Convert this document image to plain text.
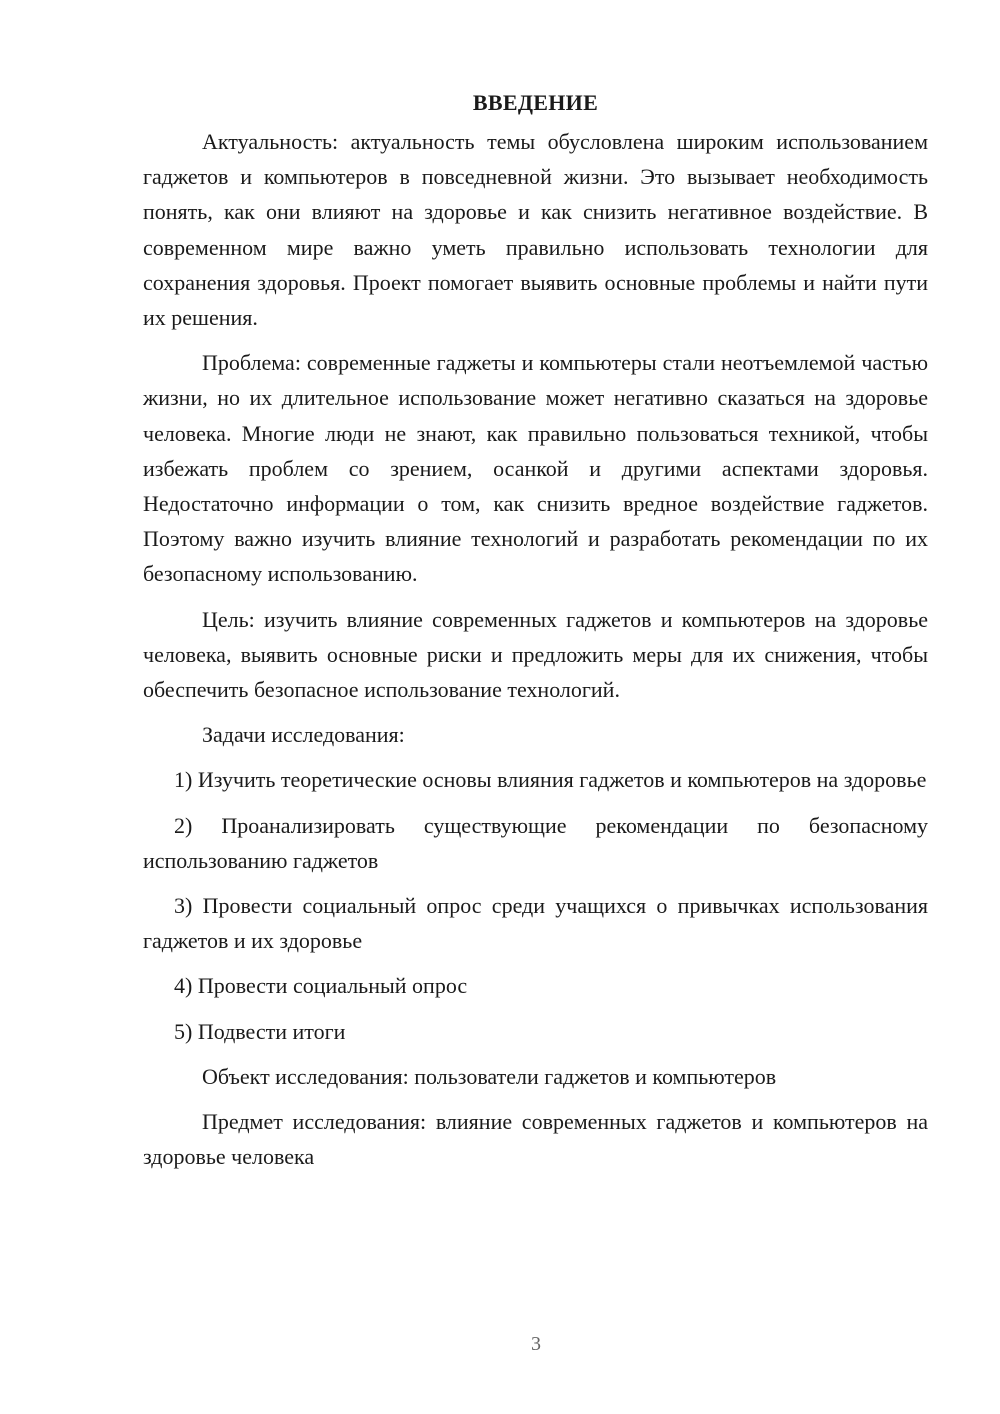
ВВЕДЕНИЕ

Актуальность: актуальность темы обусловлена широким использованием гаджетов и компьютеров в повседневной жизни. Это вызывает необходимость понять, как они влияют на здоровье и как снизить негативное воздействие. В современном мире важно уметь правильно использовать технологии для сохранения здоровья. Проект помогает выявить основные проблемы и найти пути их решения.

Проблема: современные гаджеты и компьютеры стали неотъемлемой частью жизни, но их длительное использование может негативно сказаться на здоровье человека. Многие люди не знают, как правильно пользоваться техникой, чтобы избежать проблем со зрением, осанкой и другими аспектами здоровья. Недостаточно информации о том, как снизить вредное воздействие гаджетов. Поэтому важно изучить влияние технологий и разработать рекомендации по их безопасному использованию.

Цель: изучить влияние современных гаджетов и компьютеров на здоровье человека, выявить основные риски и предложить меры для их снижения, чтобы обеспечить безопасное использование технологий.

Задачи исследования:

1) Изучить теоретические основы влияния гаджетов и компьютеров на здоровье

2) Проанализировать существующие рекомендации по безопасному использованию гаджетов

3) Провести социальный опрос среди учащихся о привычках использования гаджетов и их здоровье

4) Провести социальный опрос

5) Подвести итоги

Объект исследования: пользователи гаджетов и компьютеров

Предмет исследования: влияние современных гаджетов и компьютеров на здоровье человека

3
